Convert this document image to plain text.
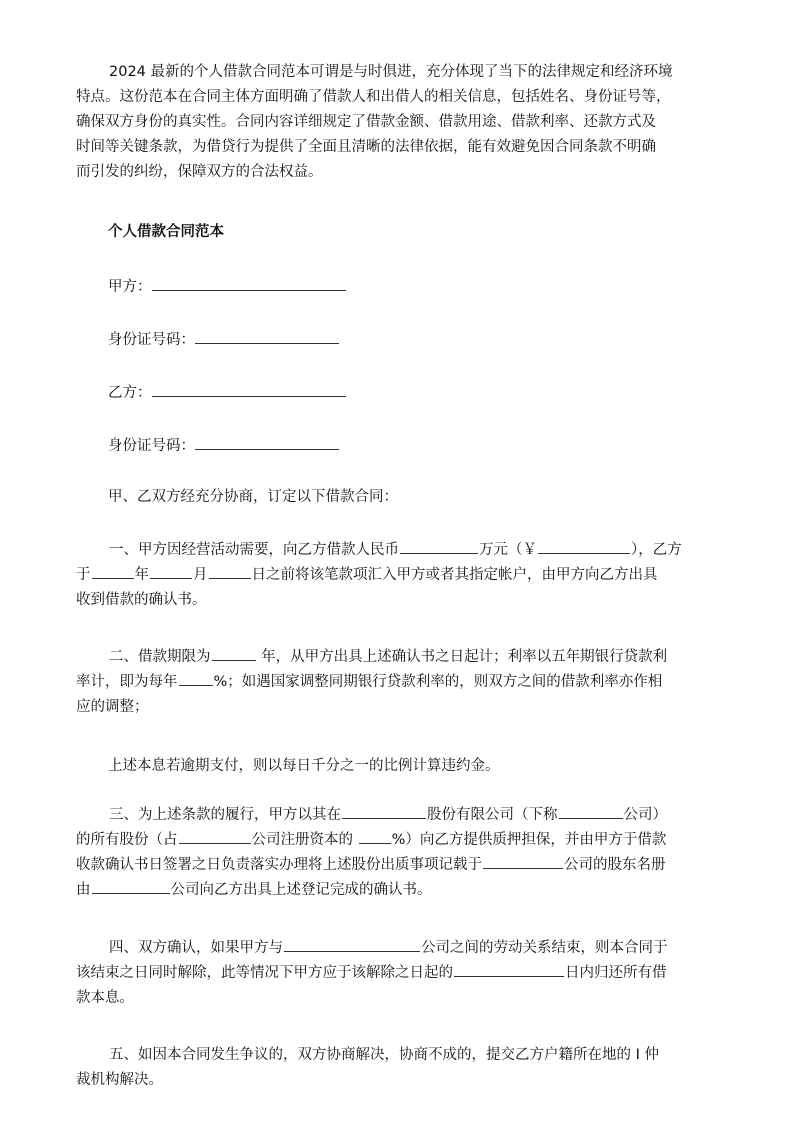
2024 最新的个人借款合同范本可谓是与时俱进，充分体现了当下的法律规定和经济环境
特点。这份范本在合同主体方面明确了借款人和出借人的相关信息，包括姓名、身份证号等，
确保双方身份的真实性。合同内容详细规定了借款金额、借款用途、借款利率、还款方式及
时间等关键条款，为借贷行为提供了全面且清晰的法律依据，能有效避免因合同条款不明确
而引发的纠纷，保障双方的合法权益。

个人借款合同范本

甲方：

身份证号码：

乙方：

身份证号码：

甲、乙双方经充分协商，订定以下借款合同：

一、甲方因经营活动需要，向乙方借款人民币	万元（￥	），乙方
于	年	月	日之前将该笔款项汇入甲方或者其指定帐户，由甲方向乙方出具
收到借款的确认书。
二、借款期限为	年，从甲方出具上述确认书之日起计；利率以五年期银行贷款利
率计，即为每年 %；如遇国家调整同期银行贷款利率的，则双方之间的借款利率亦作相
应的调整；

上述本息若逾期支付，则以每日千分之一的比例计算违约金。

三、为上述条款的履行，甲方以其在	股份有限公司（下称	公司）
的所有股份（占	公司注册资本的 %）向乙方提供质押担保，并由甲方于借款
收款确认书日签署之日负责落实办理将上述股份出质事项记载于	公司的股东名册
由	公司向乙方出具上述登记完成的确认书。
四、双方确认，如果甲方与	公司之间的劳动关系结束，则本合同于
该结束之日同时解除，此等情况下甲方应于该解除之日起的	日内归还所有借
款本息。
五、如因本合同发生争议的，双方协商解决，协商不成的，提交乙方户籍所在地的 I 仲
裁机构解决。
